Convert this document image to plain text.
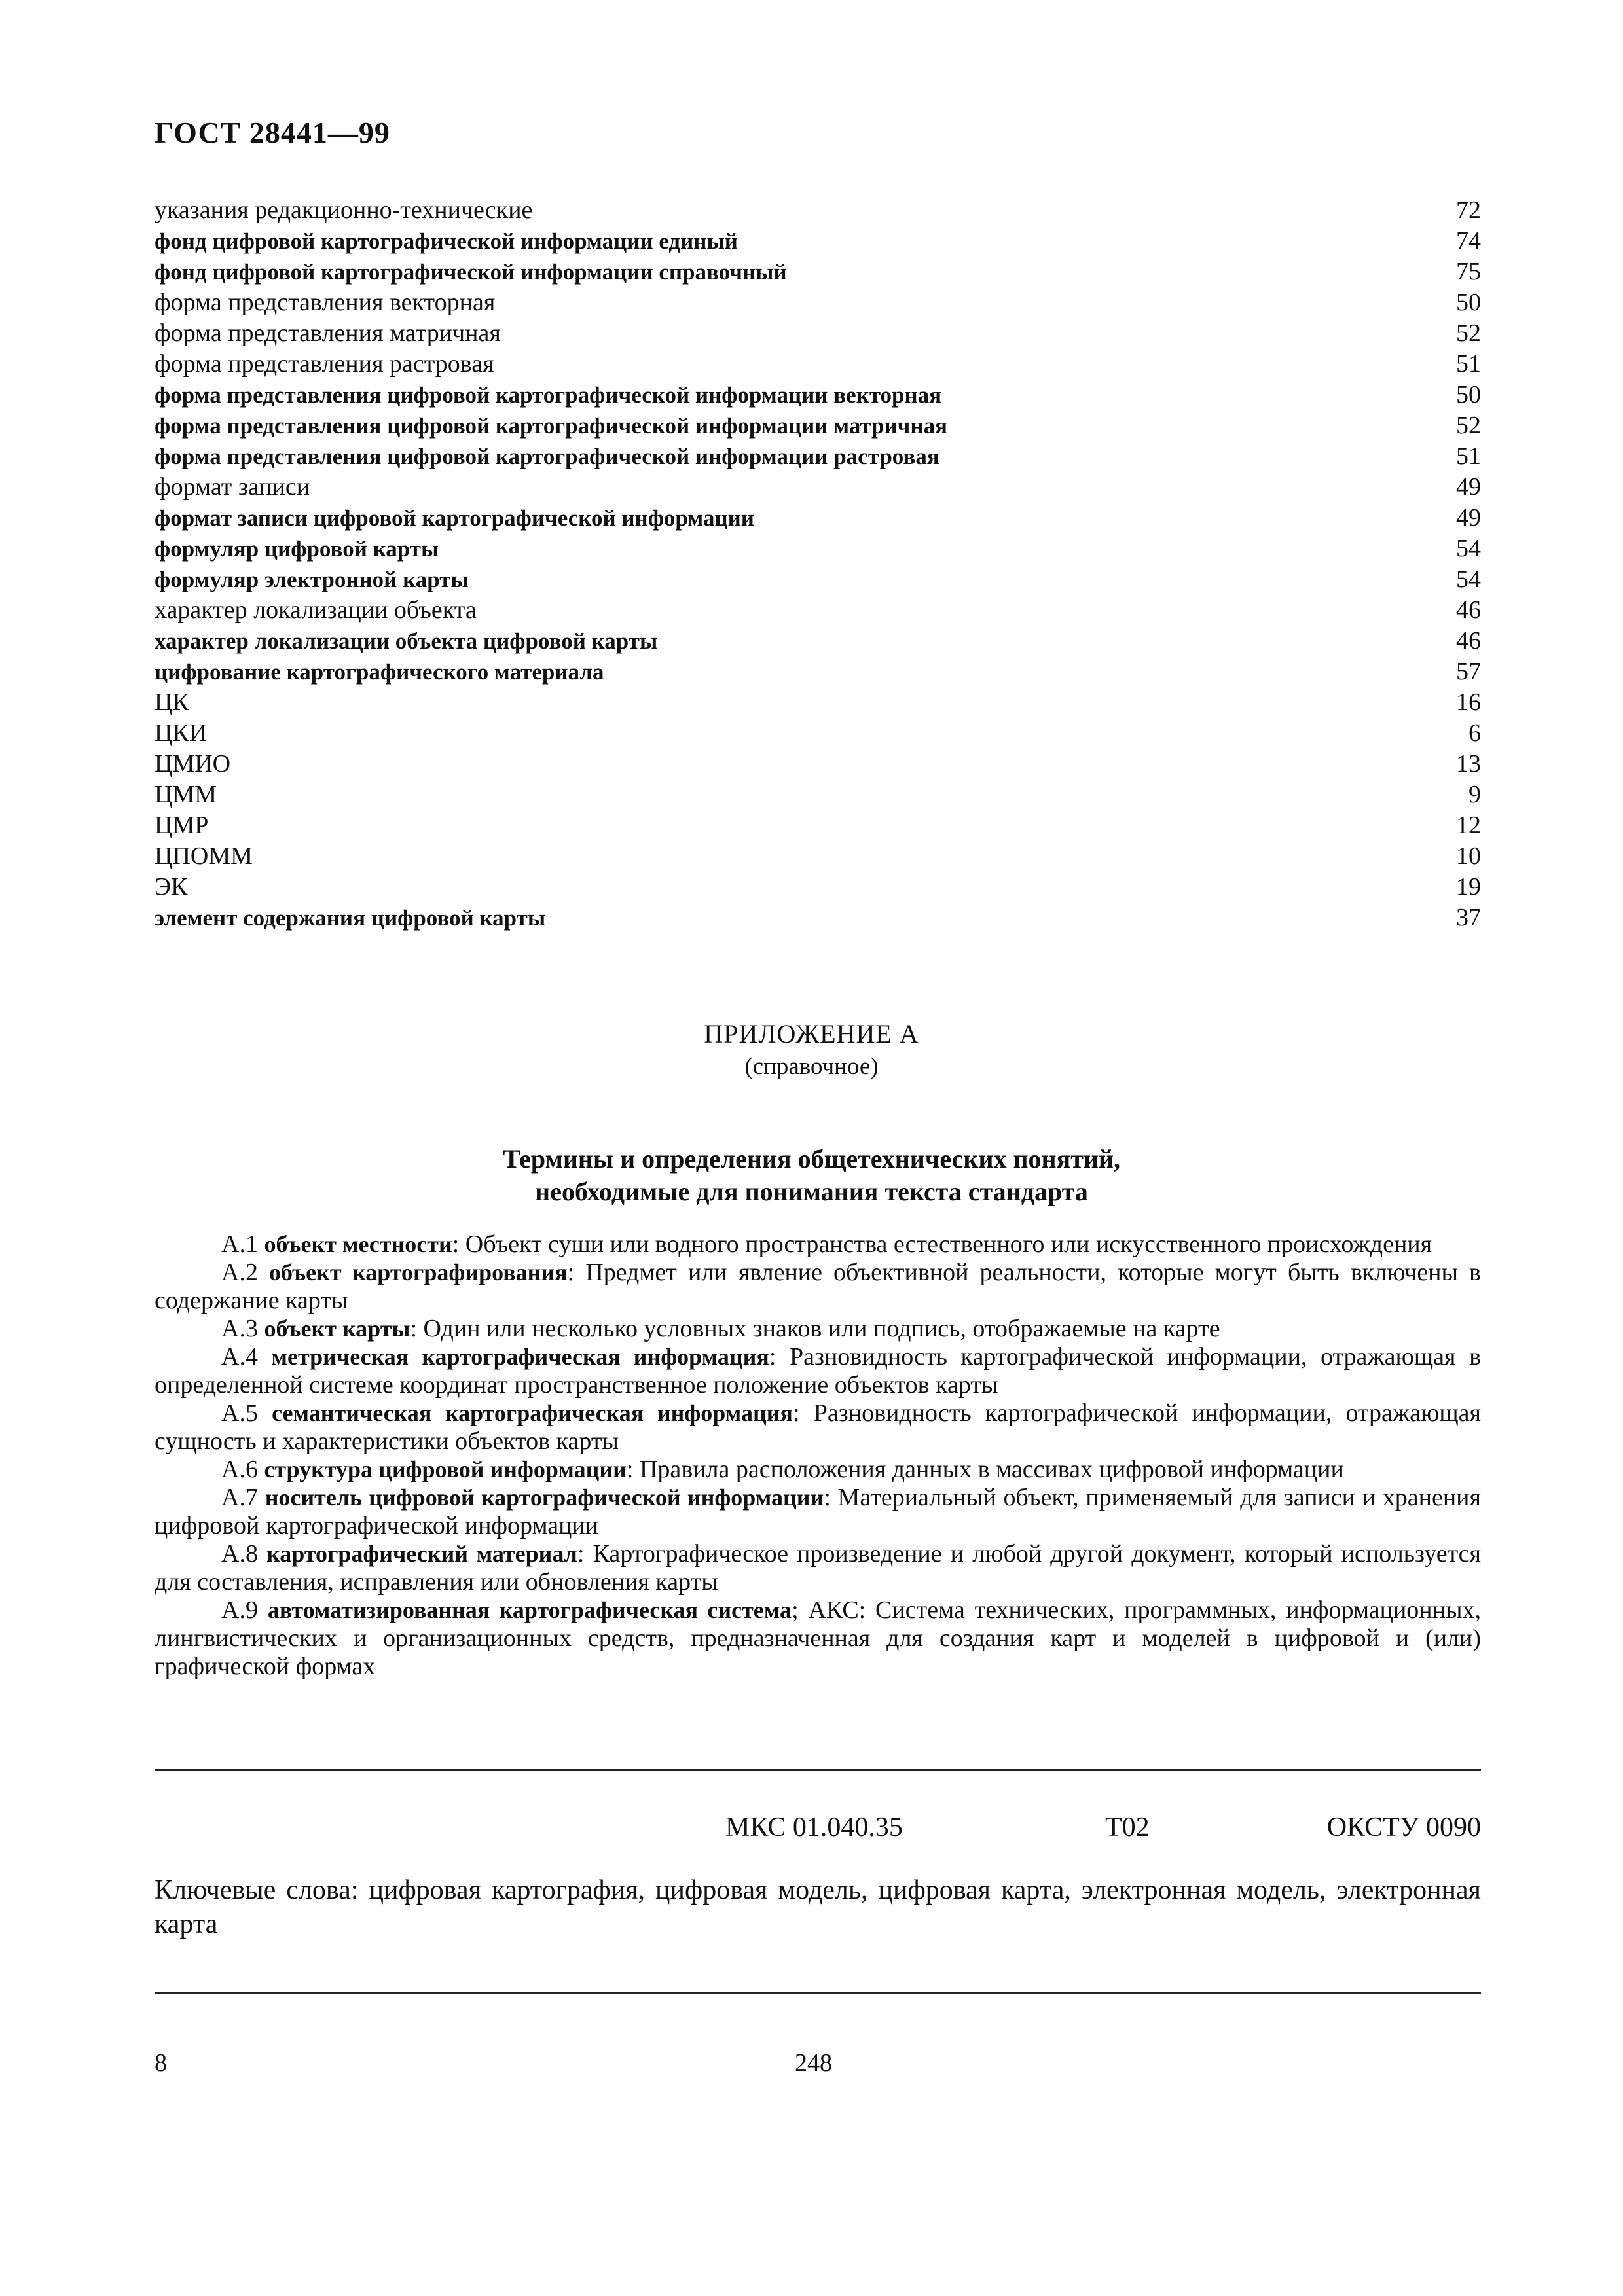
ГОСТ 28441—99
указания редакционно-технические	72
фонд цифровой картографической информации единый	74
фонд цифровой картографической информации справочный	75
форма представления векторная	50
форма представления матричная	52
форма представления растровая	51
форма представления цифровой картографической информации векторная	50
форма представления цифровой картографической информации матричная	52
форма представления цифровой картографической информации растровая	51
формат записи	49
формат записи цифровой картографической информации	49
формуляр цифровой карты	54
формуляр электронной карты	54
характер локализации объекта	46
характер локализации объекта цифровой карты	46
цифрование картографического материала	57
ЦК	16
ЦКИ	6
ЦМИО	13
ЦММ	9
ЦМР	12
ЦПОММ	10
ЭК	19
элемент содержания цифровой карты	37
ПРИЛОЖЕНИЕ А
(справочное)
Термины и определения общетехнических понятий,
необходимые для понимания текста стандарта

А.1 объект местности: Объект суши или водного пространства естественного или искусственного происхождения

А.2 объект картографирования: Предмет или явление объективной реальности, которые могут быть включены в содержание карты

А.3 объект карты: Один или несколько условных знаков или подпись, отображаемые на карте

А.4 метрическая картографическая информация: Разновидность картографической информации, отражающая в определенной системе координат пространственное положение объектов карты

А.5 семантическая картографическая информация: Разновидность картографической информации, отражающая сущность и характеристики объектов карты

А.6 структура цифровой информации: Правила расположения данных в массивах цифровой информации

А.7 носитель цифровой картографической информации: Материальный объект, применяемый для записи и хранения цифровой картографической информации

А.8 картографический материал: Картографическое произведение и любой другой документ, который используется для составления, исправления или обновления карты

А.9 автоматизированная картографическая система; АКС: Система технических, программных, информационных, лингвистических и организационных средств, предназначенная для создания карт и моделей в цифровой и (или) графической формах

МКС 01.040.35	Т02	ОКСТУ 0090
Ключевые слова: цифровая картография, цифровая модель, цифровая карта, электронная модель, электронная карта
8	248
